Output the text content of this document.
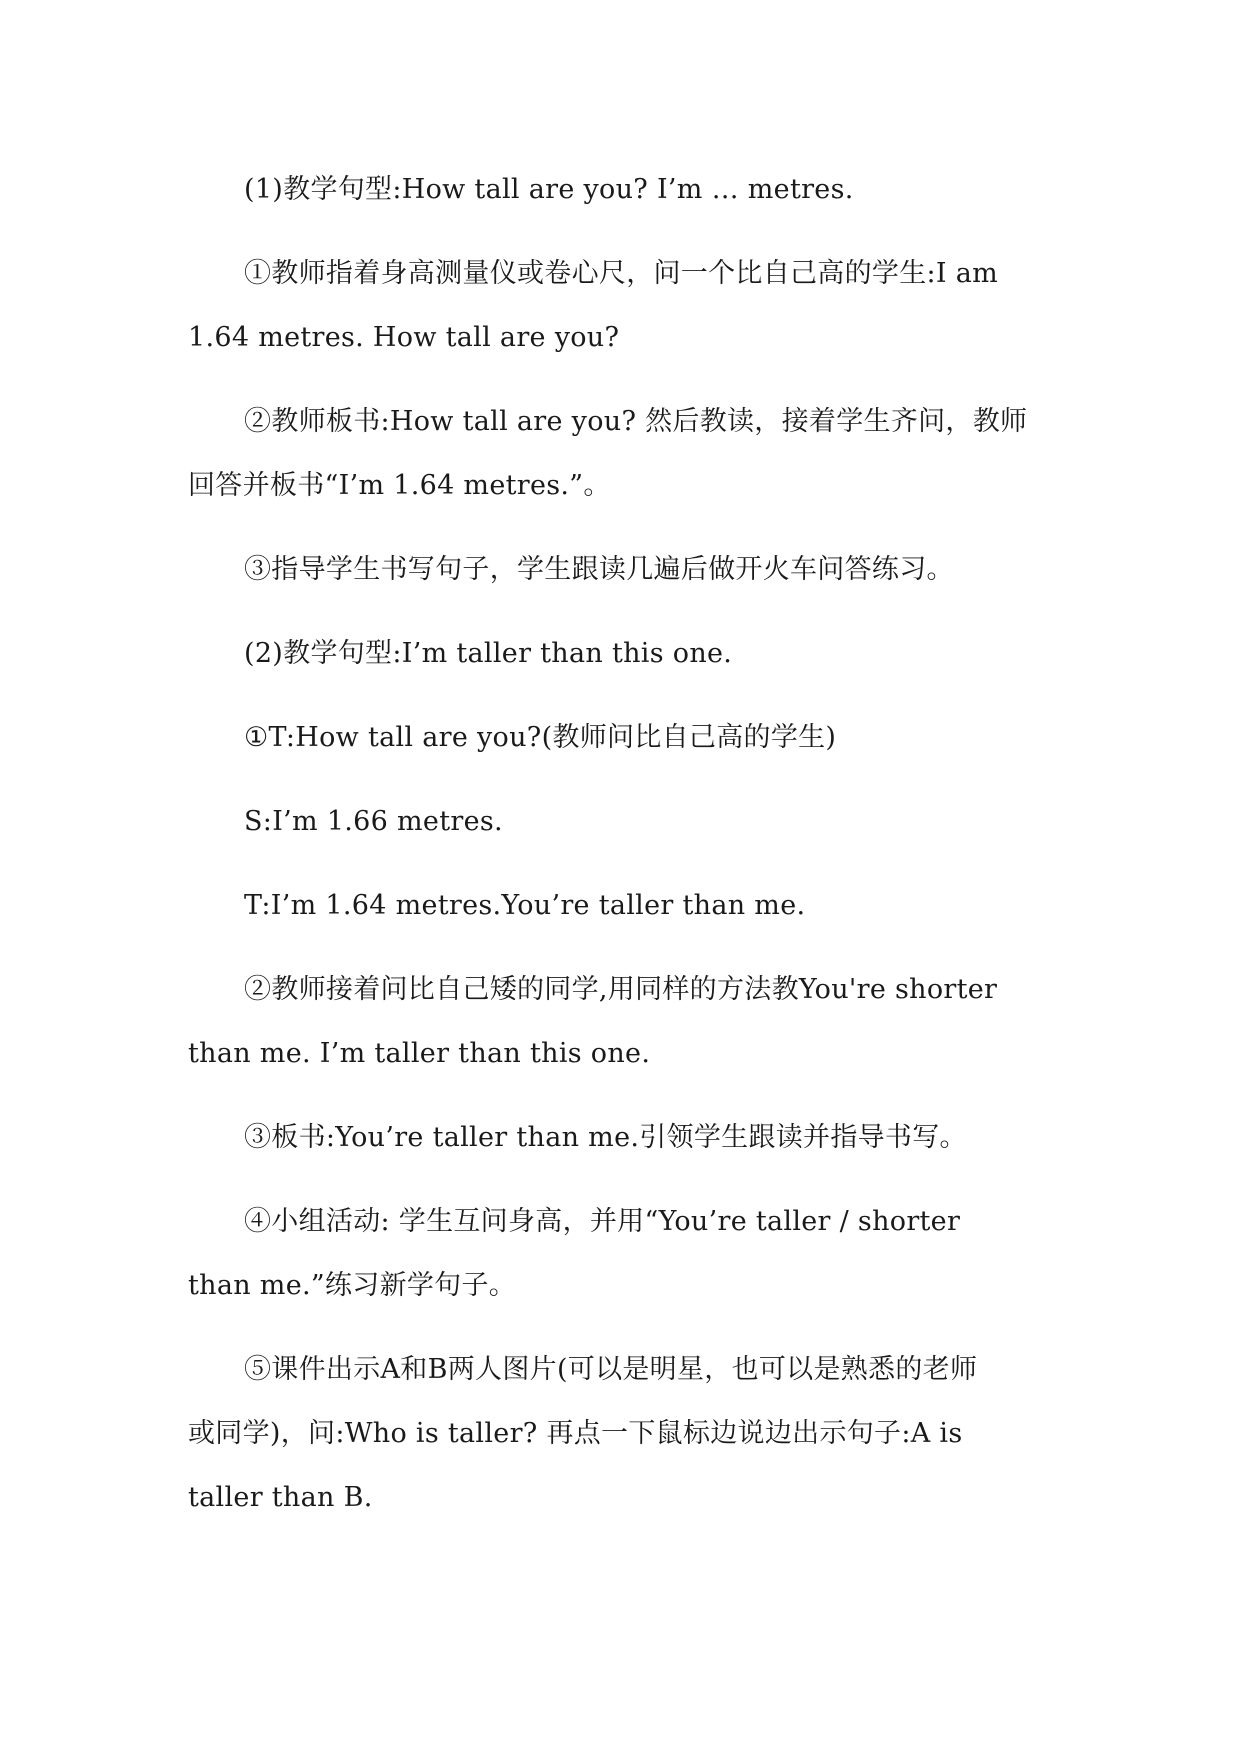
(1)教学句型:How tall are you? I’m … metres.

①教师指着身高测量仪或卷心尺，问一个比自己高的学生:I am
1.64 metres. How tall are you?

②教师板书:How tall are you? 然后教读，接着学生齐问，教师
回答并板书“I’m 1.64 metres.”。

③指导学生书写句子，学生跟读几遍后做开火车问答练习。

(2)教学句型:I’m taller than this one.

①T:How tall are you?(教师问比自己高的学生)

S:I’m 1.66 metres.

T:I’m 1.64 metres.You’re taller than me.

②教师接着问比自己矮的同学,用同样的方法教You're shorter
than me. I’m taller than this one.

③板书:You’re taller than me.引领学生跟读并指导书写。

④小组活动: 学生互问身高，并用“You’re taller / shorter
than me.”练习新学句子。

⑤课件出示A和B两人图片(可以是明星，也可以是熟悉的老师
或同学)，问:Who is taller? 再点一下鼠标边说边出示句子:A is
taller than B.
